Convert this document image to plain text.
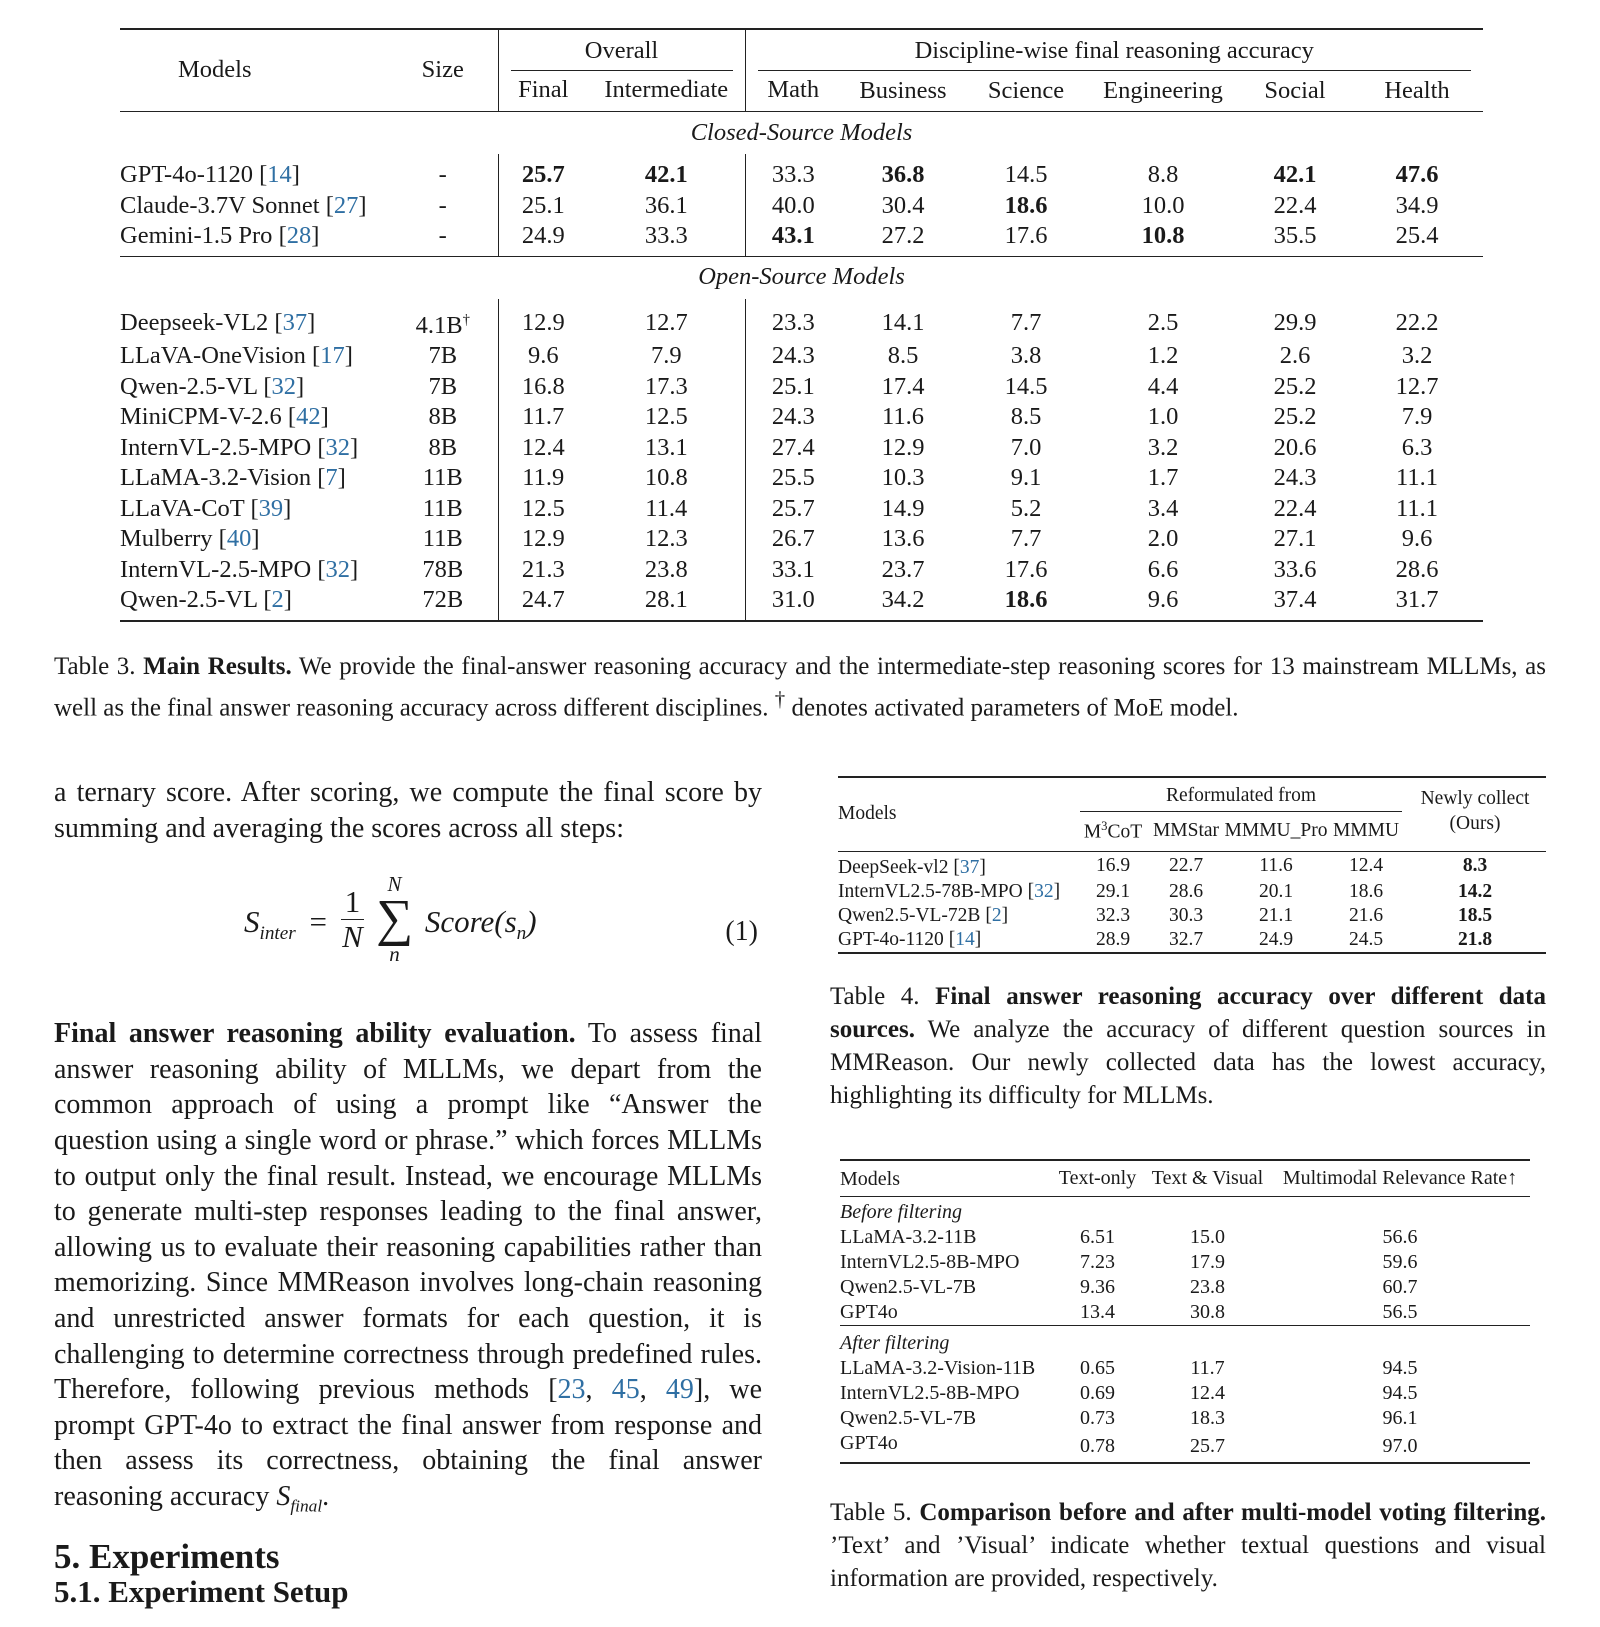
Models	Size	Overall		Discipline-wise final reasoning accuracy					

		Final	Intermediate	Math	Business	Science	Engineering	Social	Health
Closed-Source Models									
GPT-4o-1120 [14]	-	25.7	42.1	33.3	36.8	14.5	8.8	42.1	47.6
Claude-3.7V Sonnet [27]	-	25.1	36.1	40.0	30.4	18.6	10.0	22.4	34.9
Gemini-1.5 Pro [28]	-	24.9	33.3	43.1	27.2	17.6	10.8	35.5	25.4
Open-Source Models									
Deepseek-VL2 [37]	4.1B†	12.9	12.7	23.3	14.1	7.7	2.5	29.9	22.2
LLaVA-OneVision [17]	7B	9.6	7.9	24.3	8.5	3.8	1.2	2.6	3.2
Qwen-2.5-VL [32]	7B	16.8	17.3	25.1	17.4	14.5	4.4	25.2	12.7
MiniCPM-V-2.6 [42]	8B	11.7	12.5	24.3	11.6	8.5	1.0	25.2	7.9
InternVL-2.5-MPO [32]	8B	12.4	13.1	27.4	12.9	7.0	3.2	20.6	6.3
LLaMA-3.2-Vision [7]	11B	11.9	10.8	25.5	10.3	9.1	1.7	24.3	11.1
LLaVA-CoT [39]	11B	12.5	11.4	25.7	14.9	5.2	3.4	22.4	11.1
Mulberry [40]	11B	12.9	12.3	26.7	13.6	7.7	2.0	27.1	9.6
InternVL-2.5-MPO [32]	78B	21.3	23.8	33.1	23.7	17.6	6.6	33.6	28.6
Qwen-2.5-VL [2]	72B	24.7	28.1	31.0	34.2	18.6	9.6	37.4	31.7
Table 3. Main Results. We provide the final-answer reasoning accuracy and the intermediate-step reasoning scores for 13 mainstream MLLMs, as well as the final answer reasoning accuracy across different disciplines. † denotes activated parameters of MoE model.

a ternary score. After scoring, we compute the final score by summing and averaging the scores across all steps:

$S_{inter} = \frac{1}{N}$

N
∑
n
$Score(s_n)$	(1)

Final answer reasoning ability evaluation. To assess final answer reasoning ability of MLLMs, we depart from the common approach of using a prompt like “Answer the question using a single word or phrase.” which forces MLLMs to output only the final result. Instead, we encourage MLLMs to generate multi-step responses leading to the final answer, allowing us to evaluate their reasoning capabilities rather than memorizing. Since MMReason involves long-chain reasoning and unrestricted answer formats for each question, it is challenging to determine correctness through predefined rules. Therefore, following previous methods [23, 45, 49], we prompt GPT-4o to extract the final answer from response and then assess its correctness, obtaining the final answer reasoning accuracy $S_{final}$.

5. Experiments
5.1. Experiment Setup
Models	Reformulated from				Newly collect
	$M^3CoT$	MMStar	MMMU_Pro	MMMU	(Ours)
DeepSeek-vl2 [37]	16.9	22.7	11.6	12.4	8.3
InternVL2.5-78B-MPO [32]	29.1	28.6	20.1	18.6	14.2
Qwen2.5-VL-72B [2]	32.3	30.3	21.1	21.6	18.5
GPT-4o-1120 [14]	28.9	32.7	24.9	24.5	21.8
Table 4. Final answer reasoning accuracy over different data sources. We analyze the accuracy of different question sources in MMReason. Our newly collected data has the lowest accuracy, highlighting its difficulty for MLLMs.
Models	Text-only	Text & Visual	Multimodal Relevance Rate↑
Before filtering			
LLaMA-3.2-11B	6.51	15.0	56.6
InternVL2.5-8B-MPO	7.23	17.9	59.6
Qwen2.5-VL-7B	9.36	23.8	60.7
GPT4o	13.4	30.8	56.5
After filtering			
LLaMA-3.2-Vision-11B	0.65	11.7	94.5
InternVL2.5-8B-MPO	0.69	12.4	94.5
Qwen2.5-VL-7B	0.73	18.3	96.1
GPT4o	0.78	25.7	97.0
Table 5. Comparison before and after multi-model voting filtering. ’Text’ and ’Visual’ indicate whether textual questions and visual information are provided, respectively.
